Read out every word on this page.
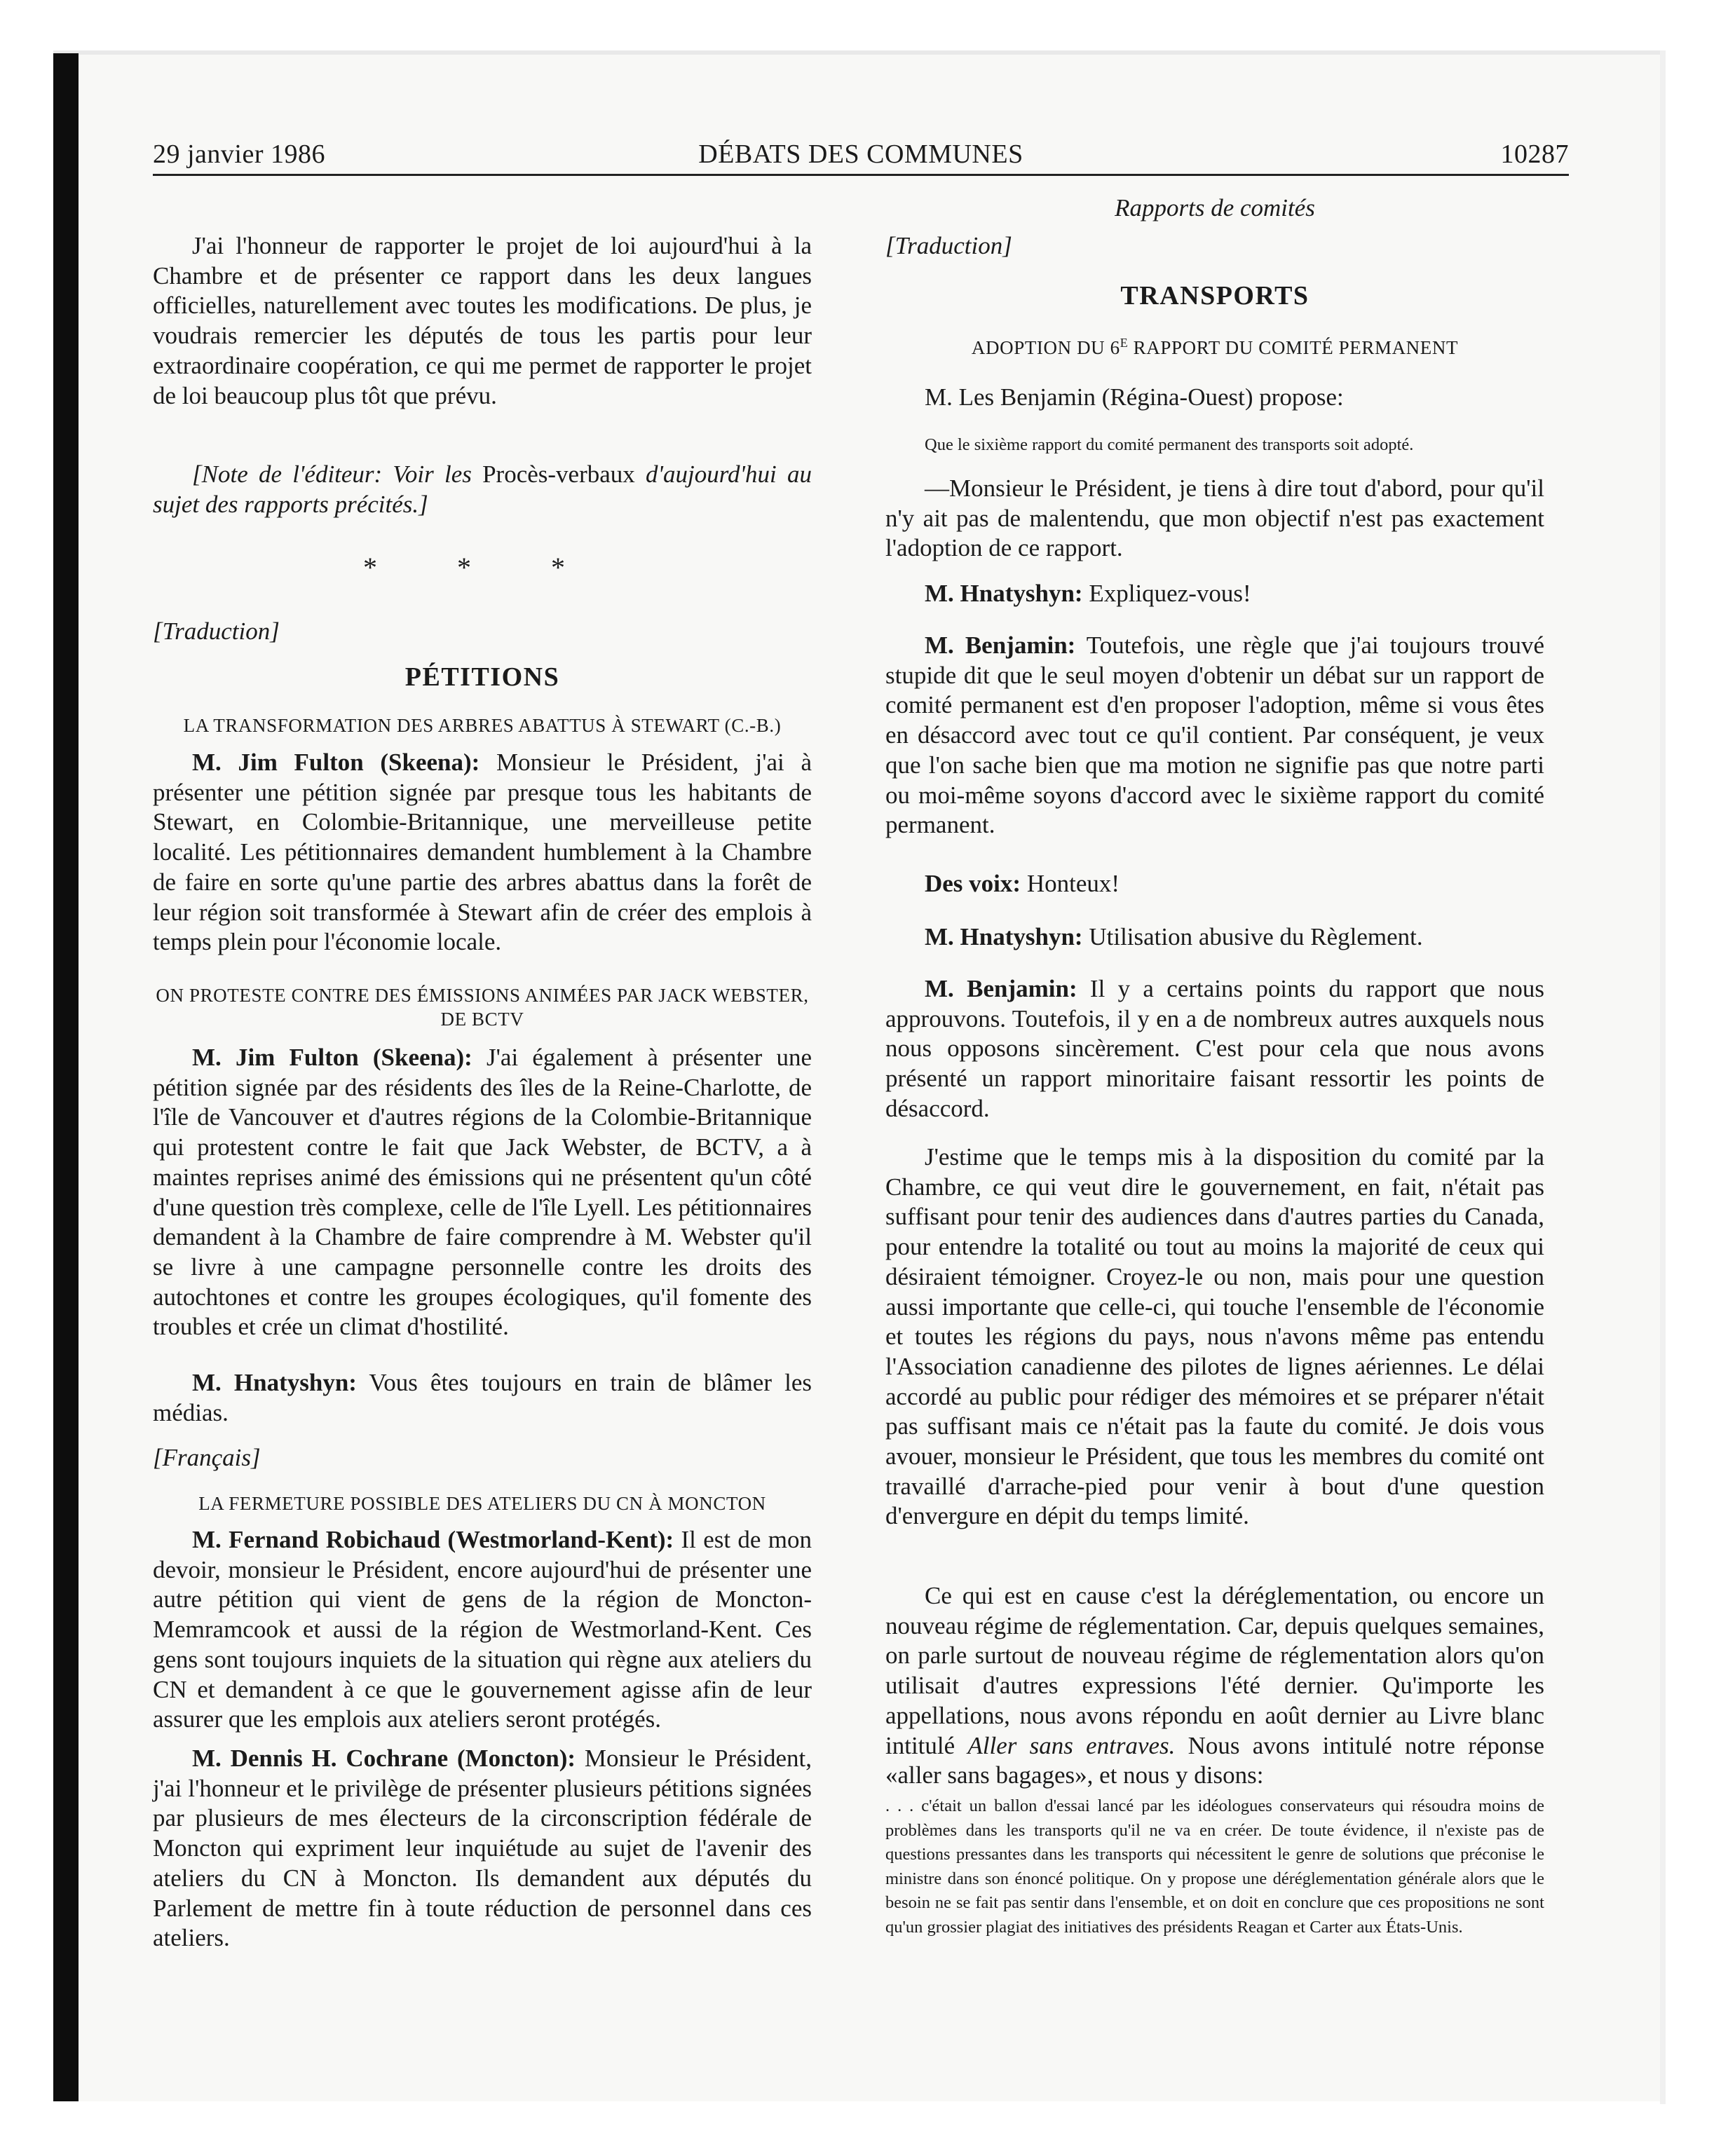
29 janvier 1986	DÉBATS DES COMMUNES	10287

J'ai l'honneur de rapporter le projet de loi aujourd'hui à la Chambre et de présenter ce rapport dans les deux langues officielles, naturellement avec toutes les modifications. De plus, je voudrais remercier les députés de tous les partis pour leur extraordinaire coopération, ce qui me permet de rapporter le projet de loi beaucoup plus tôt que prévu.

[Note de l'éditeur: Voir les Procès-verbaux d'aujourd'hui au sujet des rapports précités.]

* * *

[Traduction]

PÉTITIONS
LA TRANSFORMATION DES ARBRES ABATTUS À STEWART (C.-B.)

M. Jim Fulton (Skeena): Monsieur le Président, j'ai à présenter une pétition signée par presque tous les habitants de Stewart, en Colombie-Britannique, une merveilleuse petite localité. Les pétitionnaires demandent humblement à la Chambre de faire en sorte qu'une partie des arbres abattus dans la forêt de leur région soit transformée à Stewart afin de créer des emplois à temps plein pour l'économie locale.

ON PROTESTE CONTRE DES ÉMISSIONS ANIMÉES PAR JACK WEBSTER, DE BCTV

M. Jim Fulton (Skeena): J'ai également à présenter une pétition signée par des résidents des îles de la Reine-Charlotte, de l'île de Vancouver et d'autres régions de la Colombie-Britannique qui protestent contre le fait que Jack Webster, de BCTV, a à maintes reprises animé des émissions qui ne présentent qu'un côté d'une question très complexe, celle de l'île Lyell. Les pétitionnaires demandent à la Chambre de faire comprendre à M. Webster qu'il se livre à une campagne personnelle contre les droits des autochtones et contre les groupes écologiques, qu'il fomente des troubles et crée un climat d'hostilité.

M. Hnatyshyn: Vous êtes toujours en train de blâmer les médias.

[Français]

LA FERMETURE POSSIBLE DES ATELIERS DU CN À MONCTON

M. Fernand Robichaud (Westmorland-Kent): Il est de mon devoir, monsieur le Président, encore aujourd'hui de présenter une autre pétition qui vient de gens de la région de Moncton-Memramcook et aussi de la région de Westmorland-Kent. Ces gens sont toujours inquiets de la situation qui règne aux ateliers du CN et demandent à ce que le gouvernement agisse afin de leur assurer que les emplois aux ateliers seront protégés.

M. Dennis H. Cochrane (Moncton): Monsieur le Président, j'ai l'honneur et le privilège de présenter plusieurs pétitions signées par plusieurs de mes électeurs de la circonscription fédérale de Moncton qui expriment leur inquiétude au sujet de l'avenir des ateliers du CN à Moncton. Ils demandent aux députés du Parlement de mettre fin à toute réduction de personnel dans ces ateliers.

Rapports de comités

[Traduction]

TRANSPORTS
ADOPTION DU $6^E$ RAPPORT DU COMITÉ PERMANENT

M. Les Benjamin (Régina-Ouest) propose:

Que le sixième rapport du comité permanent des transports soit adopté.

—Monsieur le Président, je tiens à dire tout d'abord, pour qu'il n'y ait pas de malentendu, que mon objectif n'est pas exactement l'adoption de ce rapport.

M. Hnatyshyn: Expliquez-vous!

M. Benjamin: Toutefois, une règle que j'ai toujours trouvé stupide dit que le seul moyen d'obtenir un débat sur un rapport de comité permanent est d'en proposer l'adoption, même si vous êtes en désaccord avec tout ce qu'il contient. Par conséquent, je veux que l'on sache bien que ma motion ne signifie pas que notre parti ou moi-même soyons d'accord avec le sixième rapport du comité permanent.

Des voix: Honteux!

M. Hnatyshyn: Utilisation abusive du Règlement.

M. Benjamin: Il y a certains points du rapport que nous approuvons. Toutefois, il y en a de nombreux autres auxquels nous nous opposons sincèrement. C'est pour cela que nous avons présenté un rapport minoritaire faisant ressortir les points de désaccord.

J'estime que le temps mis à la disposition du comité par la Chambre, ce qui veut dire le gouvernement, en fait, n'était pas suffisant pour tenir des audiences dans d'autres parties du Canada, pour entendre la totalité ou tout au moins la majorité de ceux qui désiraient témoigner. Croyez-le ou non, mais pour une question aussi importante que celle-ci, qui touche l'ensemble de l'économie et toutes les régions du pays, nous n'avons même pas entendu l'Association canadienne des pilotes de lignes aériennes. Le délai accordé au public pour rédiger des mémoires et se préparer n'était pas suffisant mais ce n'était pas la faute du comité. Je dois vous avouer, monsieur le Président, que tous les membres du comité ont travaillé d'arrache-pied pour venir à bout d'une question d'envergure en dépit du temps limité.

Ce qui est en cause c'est la déréglementation, ou encore un nouveau régime de réglementation. Car, depuis quelques semaines, on parle surtout de nouveau régime de réglementation alors qu'on utilisait d'autres expressions l'été dernier. Qu'importe les appellations, nous avons répondu en août dernier au Livre blanc intitulé Aller sans entraves. Nous avons intitulé notre réponse «aller sans bagages», et nous y disons:

. . . c'était un ballon d'essai lancé par les idéologues conservateurs qui résoudra moins de problèmes dans les transports qu'il ne va en créer. De toute évidence, il n'existe pas de questions pressantes dans les transports qui nécessitent le genre de solutions que préconise le ministre dans son énoncé politique. On y propose une déréglementation générale alors que le besoin ne se fait pas sentir dans l'ensemble, et on doit en conclure que ces propositions ne sont qu'un grossier plagiat des initiatives des présidents Reagan et Carter aux États-Unis.
